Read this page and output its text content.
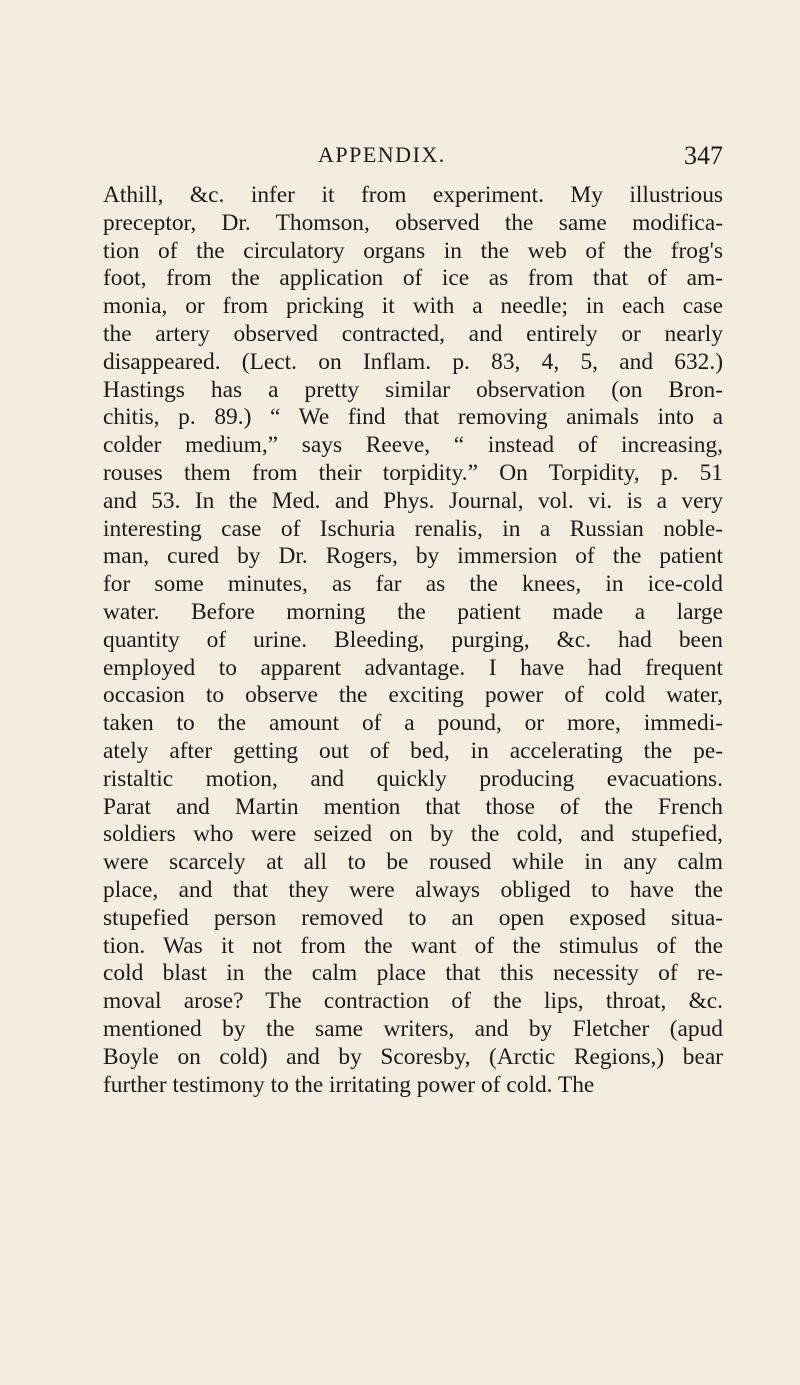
APPENDIX.	347
Athill, &c. infer it from experiment. My illustrious
preceptor, Dr. Thomson, observed the same modifica-
tion of the circulatory organs in the web of the frog's
foot, from the application of ice as from that of am-
monia, or from pricking it with a needle; in each case
the artery observed contracted, and entirely or nearly
disappeared. (Lect. on Inflam. p. 83, 4, 5, and 632.)
Hastings has a pretty similar observation (on Bron-
chitis, p. 89.) “ We find that removing animals into a
colder medium,” says Reeve, “ instead of increasing,
rouses them from their torpidity.” On Torpidity, p. 51
and 53. In the Med. and Phys. Journal, vol. vi. is a very
interesting case of Ischuria renalis, in a Russian noble-
man, cured by Dr. Rogers, by immersion of the patient
for some minutes, as far as the knees, in ice-cold
water. Before morning the patient made a large
quantity of urine. Bleeding, purging, &c. had been
employed to apparent advantage. I have had frequent
occasion to observe the exciting power of cold water,
taken to the amount of a pound, or more, immedi-
ately after getting out of bed, in accelerating the pe-
ristaltic motion, and quickly producing evacuations.
Parat and Martin mention that those of the French
soldiers who were seized on by the cold, and stupefied,
were scarcely at all to be roused while in any calm
place, and that they were always obliged to have the
stupefied person removed to an open exposed situa-
tion. Was it not from the want of the stimulus of the
cold blast in the calm place that this necessity of re-
moval arose? The contraction of the lips, throat, &c.
mentioned by the same writers, and by Fletcher (apud
Boyle on cold) and by Scoresby, (Arctic Regions,) bear
further testimony to the irritating power of cold. The
